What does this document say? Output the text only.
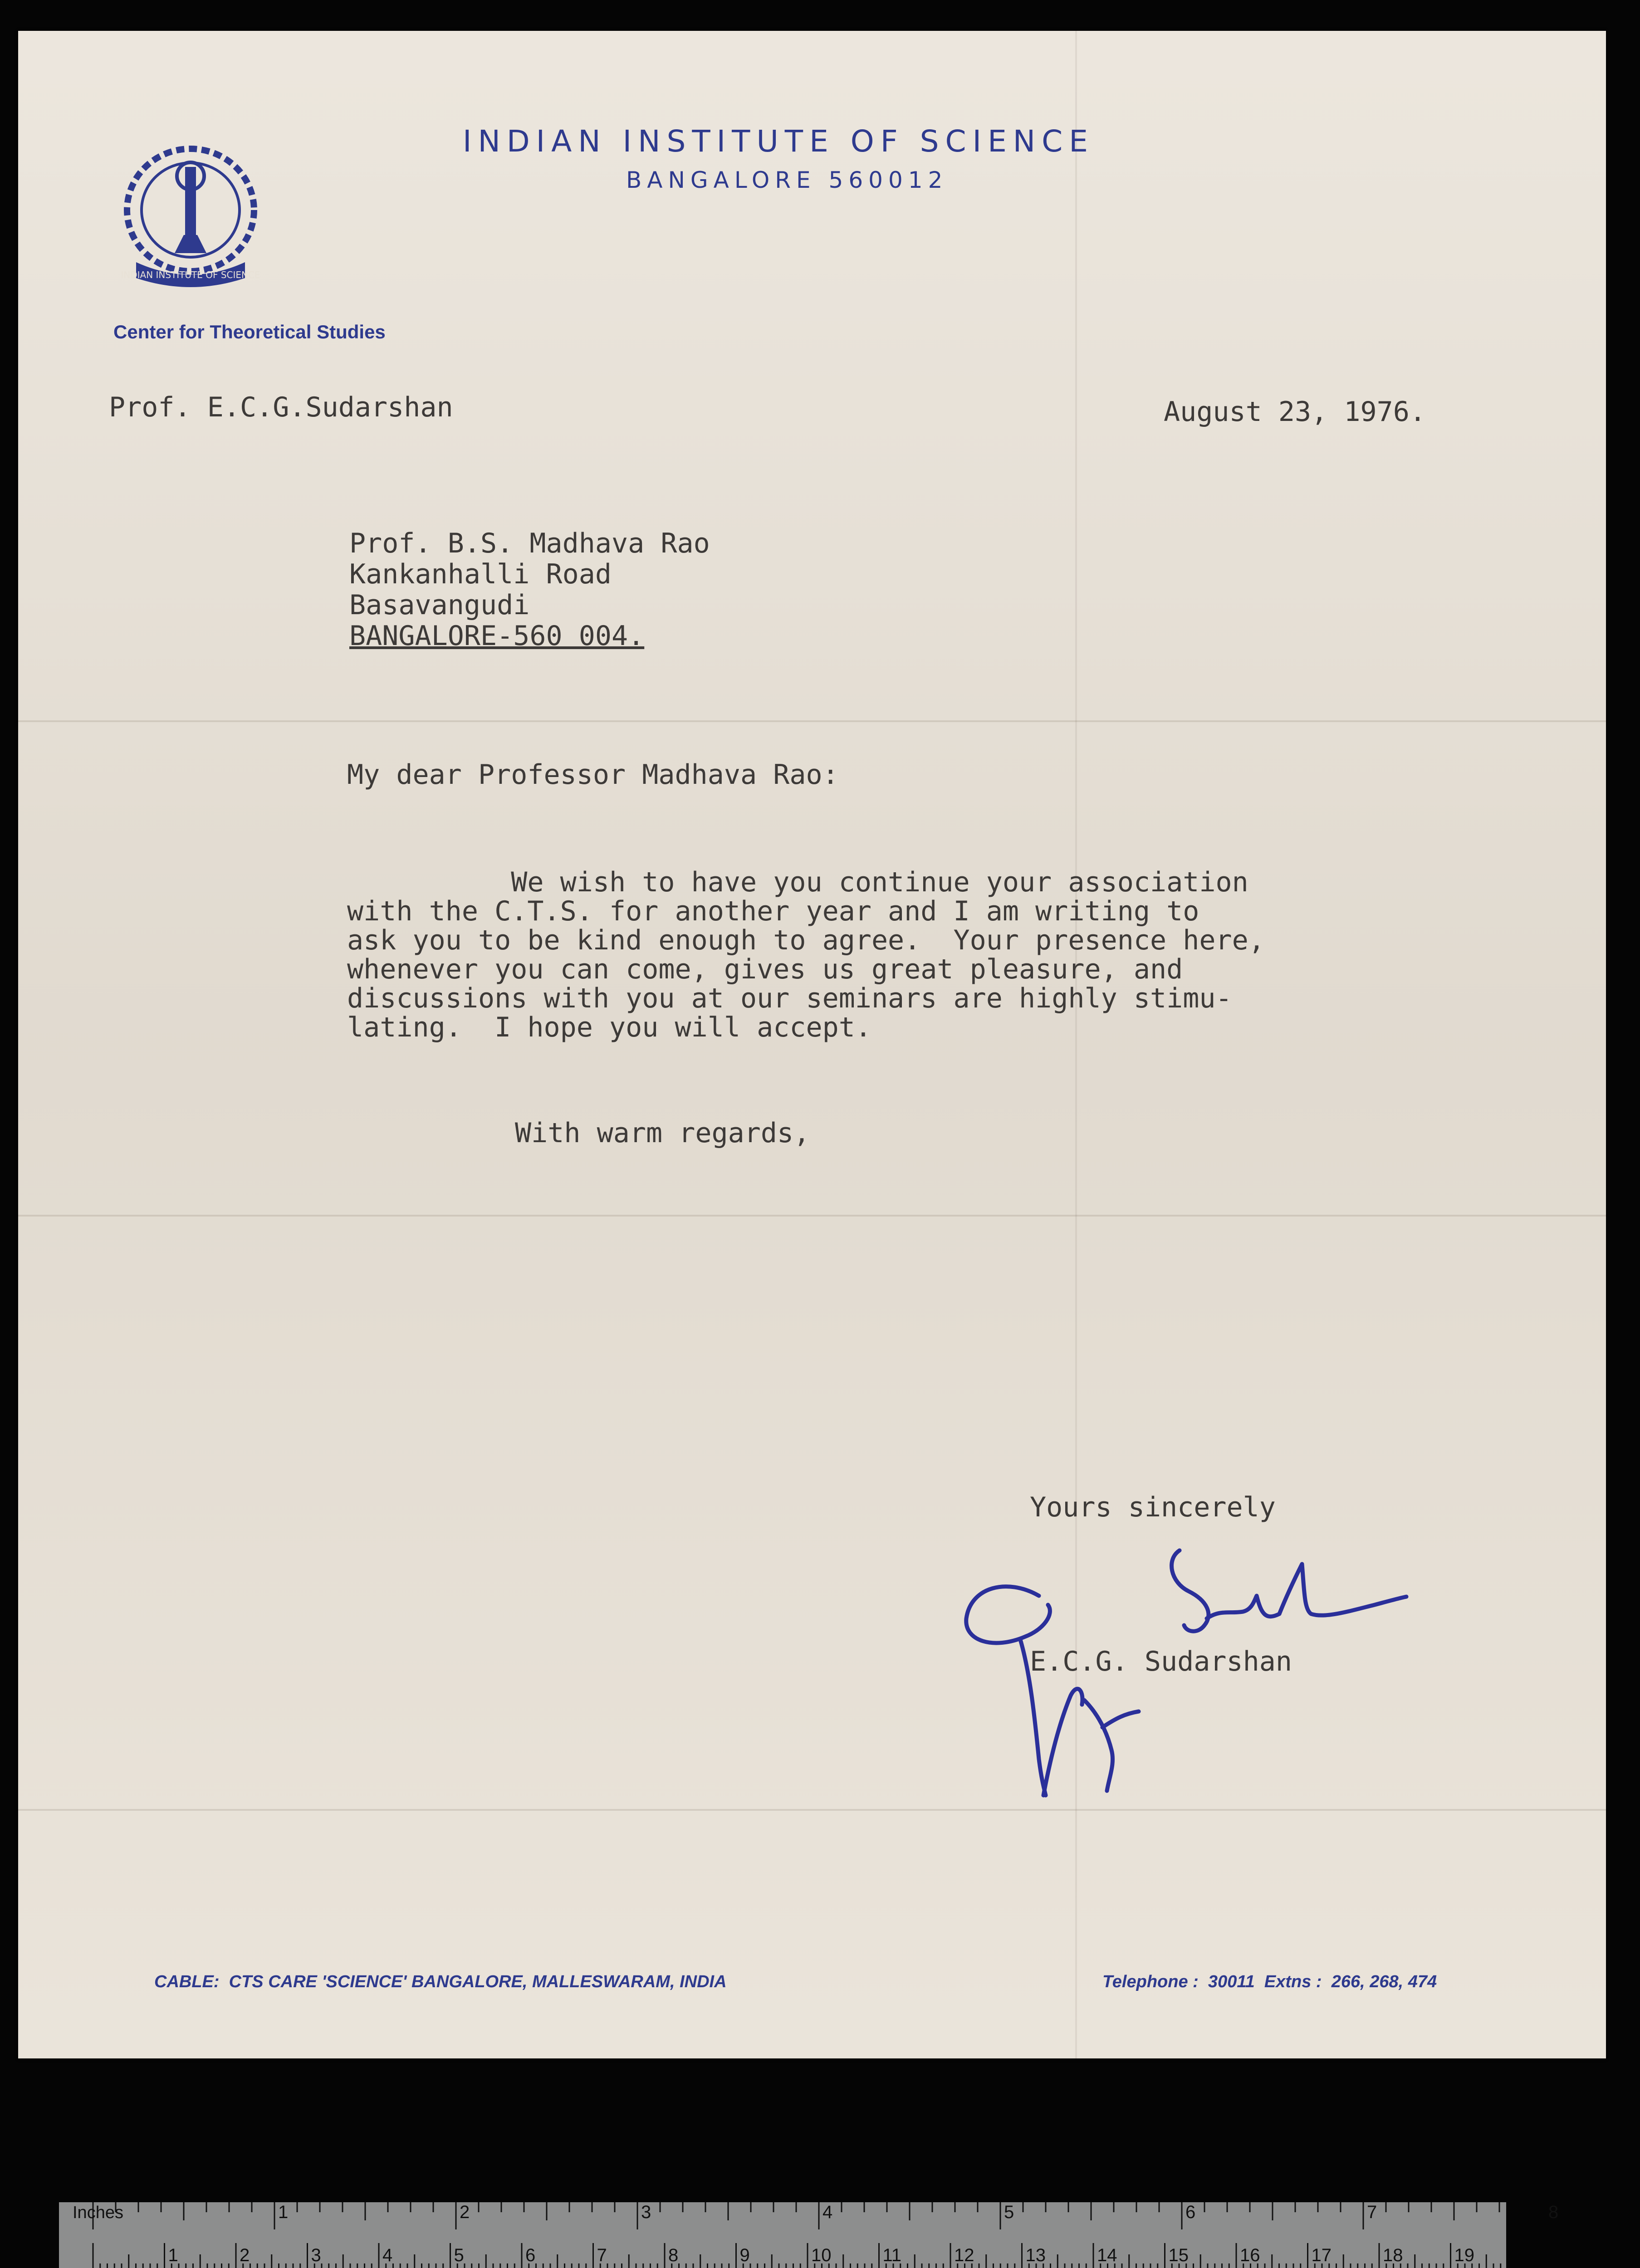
ﾠ
INDIAN INSTITUTE OF SCIENCE
INDIAN INSTITUTE OF SCIENCE
BANGALORE 560012
Center for Theoretical Studies
Prof. E.C.G.Sudarshan	August 23, 1976.
Prof. B.S. Madhava Rao
Kankanhalli Road
Basavangudi
BANGALORE-560 004.
My dear Professor Madhava Rao:
We wish to have you continue your association
with the C.T.S. for another year and I am writing to
ask you to be kind enough to agree.  Your presence here,
whenever you can come, gives us great pleasure, and
discussions with you at our seminars are highly stimu-
lating.  I hope you will accept.
With warm regards,
Yours sincerely
E.C.G. Sudarshan
CABLE:  CTS CARE 'SCIENCE' BANGALORE, MALLESWARAM, INDIA	Telephone :  30011  Extns :  266, 268, 474
Inches	1	2	3	4	5	6	7	8
1	2	3	4	5	6	7	8	9	10	11	12	13	14	15	16	17	18	19
